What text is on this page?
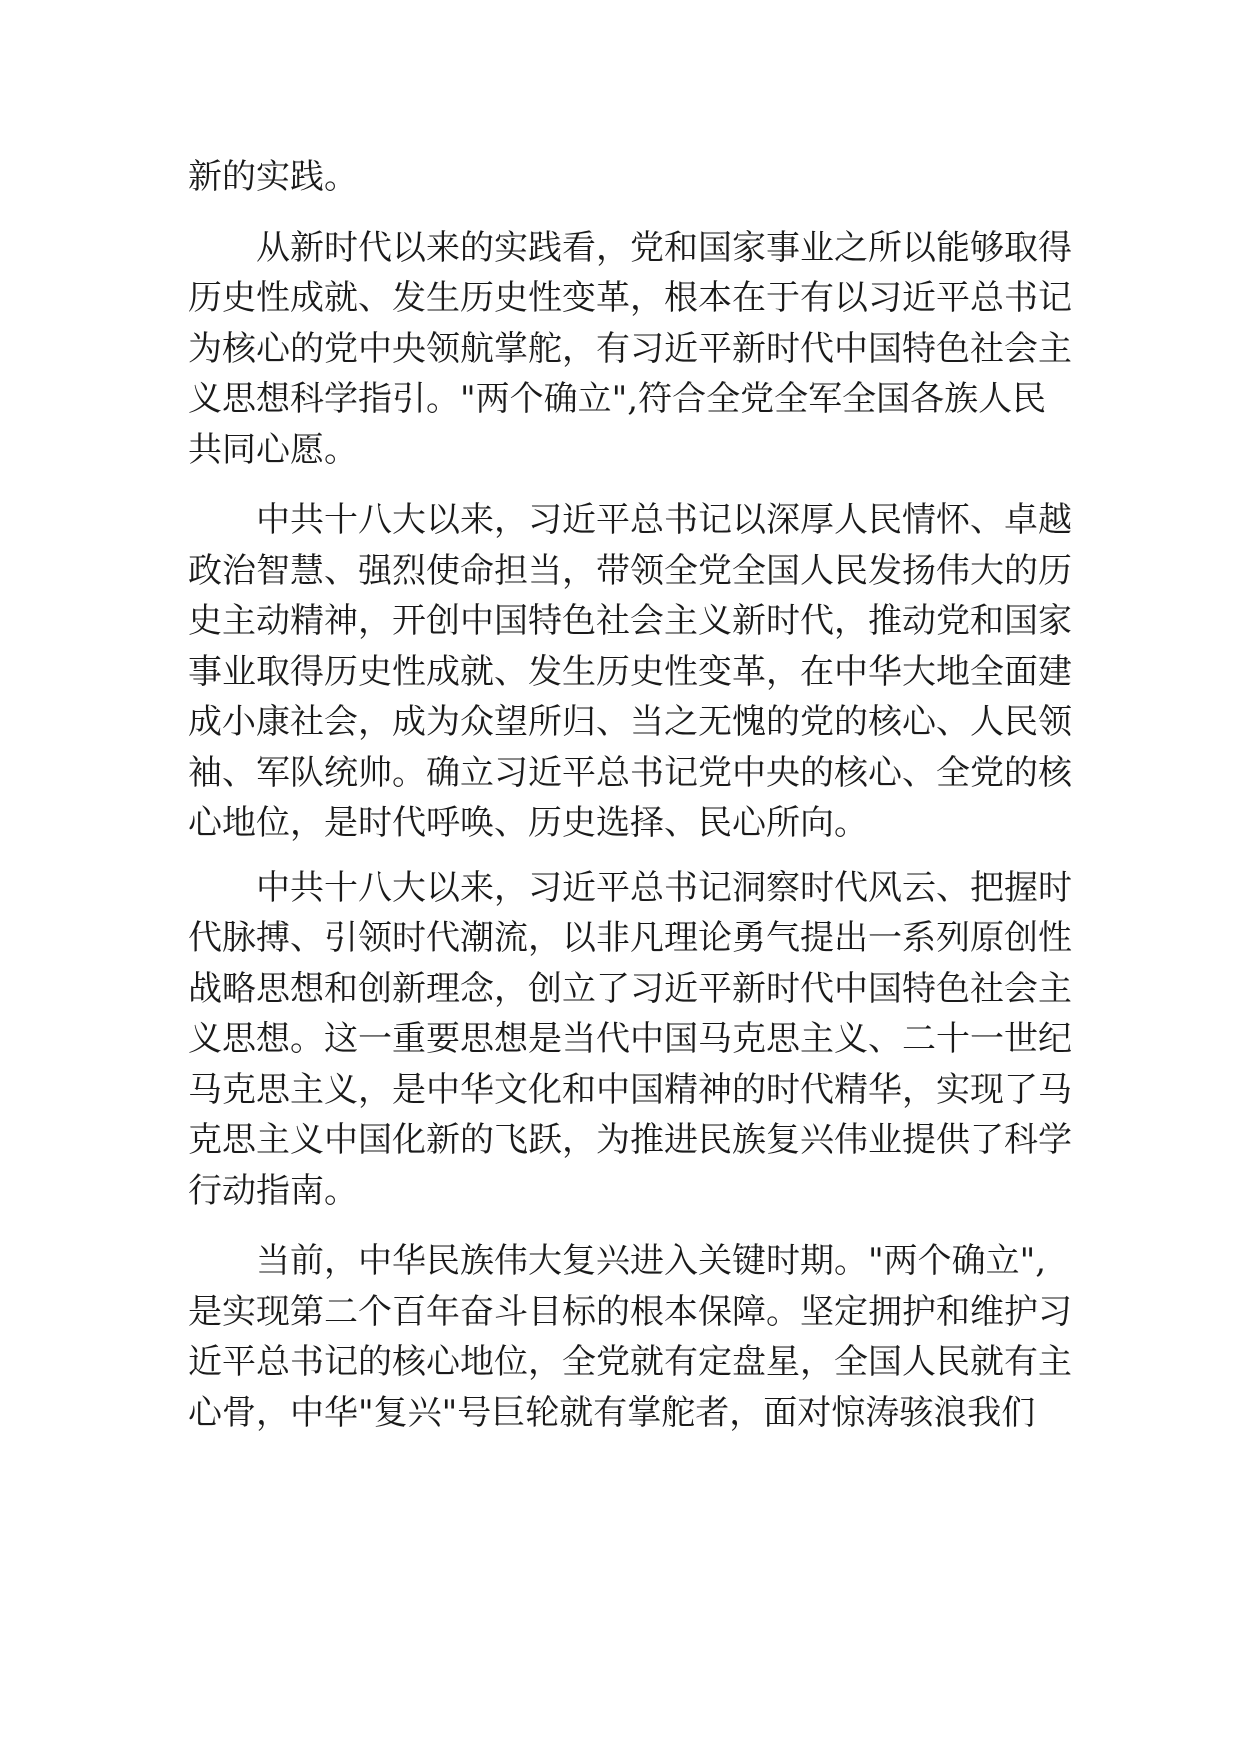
新的实践。

从新时代以来的实践看，党和国家事业之所以能够取得
历史性成就、发生历史性变革，根本在于有以习近平总书记
为核心的党中央领航掌舵，有习近平新时代中国特色社会主
义思想科学指引。"两个确立",符合全党全军全国各族人民
共同心愿。

中共十八大以来，习近平总书记以深厚人民情怀、卓越
政治智慧、强烈使命担当，带领全党全国人民发扬伟大的历
史主动精神，开创中国特色社会主义新时代，推动党和国家
事业取得历史性成就、发生历史性变革，在中华大地全面建
成小康社会，成为众望所归、当之无愧的党的核心、人民领
袖、军队统帅。确立习近平总书记党中央的核心、全党的核
心地位，是时代呼唤、历史选择、民心所向。

中共十八大以来，习近平总书记洞察时代风云、把握时
代脉搏、引领时代潮流，以非凡理论勇气提出一系列原创性
战略思想和创新理念，创立了习近平新时代中国特色社会主
义思想。这一重要思想是当代中国马克思主义、二十一世纪
马克思主义，是中华文化和中国精神的时代精华，实现了马
克思主义中国化新的飞跃，为推进民族复兴伟业提供了科学
行动指南。

当前，中华民族伟大复兴进入关键时期。"两个确立",
是实现第二个百年奋斗目标的根本保障。坚定拥护和维护习
近平总书记的核心地位，全党就有定盘星，全国人民就有主
心骨，中华"复兴"号巨轮就有掌舵者，面对惊涛骇浪我们
